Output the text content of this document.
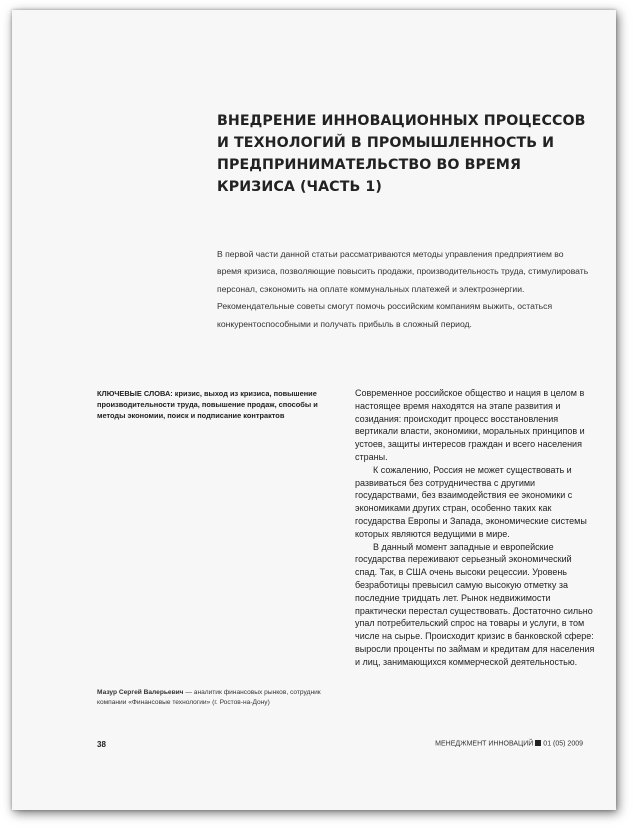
ВНЕДРЕНИЕ ИННОВАЦИОННЫХ ПРОЦЕССОВ И ТЕХНОЛОГИЙ В ПРОМЫШЛЕННОСТЬ И ПРЕДПРИНИМАТЕЛЬСТВО ВО ВРЕМЯ КРИЗИСА (ЧАСТЬ 1)

В первой части данной статьи рассматриваются методы управления предприятием во время кризиса, позволяющие повысить продажи, производительность труда, стимулировать персонал, сэкономить на оплате коммунальных платежей и электроэнергии. Рекомендательные советы смогут помочь российским компаниям выжить, остаться конкурентоспособными и получать прибыль в сложный период.

КЛЮЧЕВЫЕ СЛОВА: кризис, выход из кризиса, повышение производительности труда, повышение продаж, способы и методы экономии, поиск и подписание контрактов

Мазур Сергей Валерьевич — аналитик финансовых рынков, сотрудник компании «Финансовые технологии» (г. Ростов-на-Дону)

Современное российское общество и нация в целом в настоящее время находятся на этапе развития и созидания: происходит процесс восстановления вертикали власти, экономики, моральных принципов и устоев, защиты интересов граждан и всего населения страны.

К сожалению, Россия не может существовать и развиваться без сотрудничества с другими государствами, без взаимодействия ее экономики с экономиками других стран, особенно таких как государства Европы и Запада, экономические системы которых являются ведущими в мире.

В данный момент западные и европейские государства переживают серьезный экономический спад. Так, в США очень высоки рецессии. Уровень безработицы превысил самую высокую отметку за последние тридцать лет. Рынок недвижимости практически перестал существовать. Достаточно сильно упал потребительский спрос на товары и услуги, в том числе на сырье. Происходит кризис в банковской сфере: выросли проценты по займам и кредитам для населения и лиц, занимающихся коммерческой деятельностью.

38	МЕНЕДЖМЕНТ ИННОВАЦИЙ 01 (05) 2009
